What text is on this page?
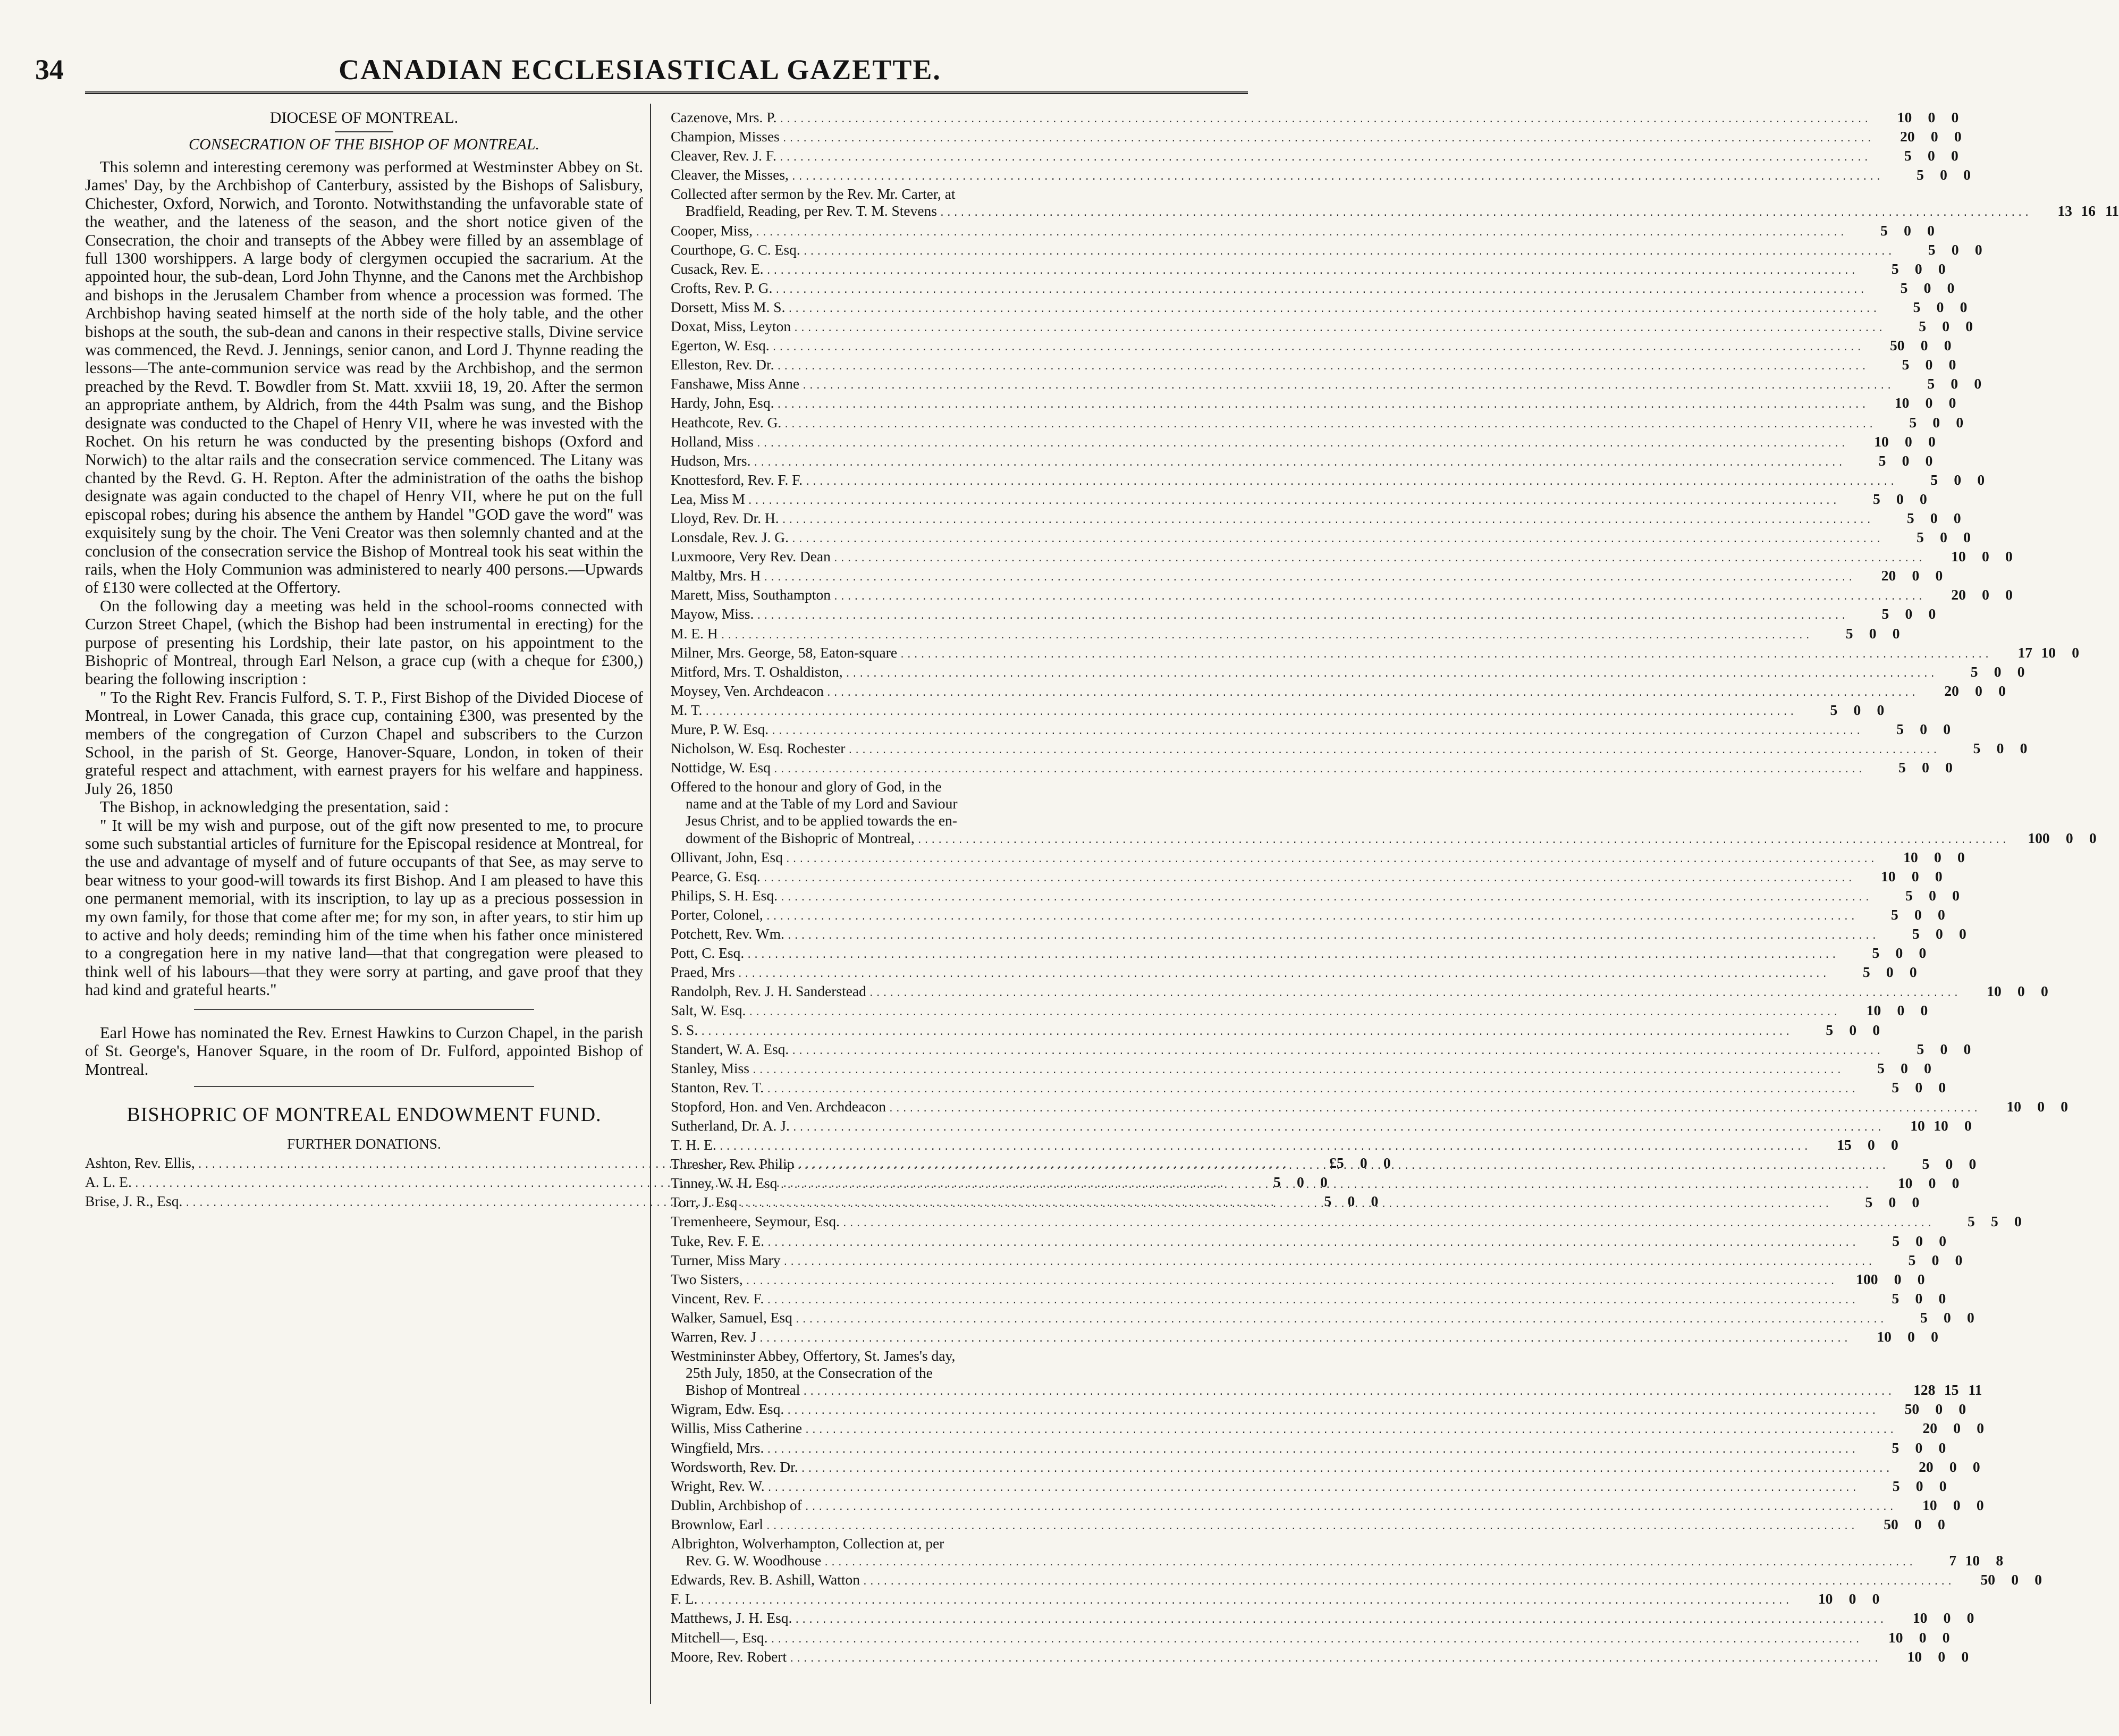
34	CANADIAN ECCLESIASTICAL GAZETTE.

DIOCESE OF MONTREAL.

CONSECRATION OF THE BISHOP OF MONTREAL.

This solemn and interesting ceremony was performed at Westminster Abbey on St. James' Day, by the Archbishop of Canterbury, assisted by the Bishops of Salisbury, Chichester, Oxford, Norwich, and Toronto. Notwithstanding the unfavorable state of the weather, and the lateness of the season, and the short notice given of the Consecration, the choir and transepts of the Abbey were filled by an assemblage of full 1300 worshippers. A large body of clergymen occupied the sacrarium. At the appointed hour, the sub-dean, Lord John Thynne, and the Canons met the Archbishop and bishops in the Jerusalem Chamber from whence a procession was formed. The Archbishop having seated himself at the north side of the holy table, and the other bishops at the south, the sub-dean and canons in their respective stalls, Divine service was commenced, the Revd. J. Jennings, senior canon, and Lord J. Thynne reading the lessons—The ante-communion service was read by the Archbishop, and the sermon preached by the Revd. T. Bowdler from St. Matt. xxviii 18, 19, 20. After the sermon an appropriate anthem, by Aldrich, from the 44th Psalm was sung, and the Bishop designate was conducted to the Chapel of Henry VII, where he was invested with the Rochet. On his return he was conducted by the presenting bishops (Oxford and Norwich) to the altar rails and the consecration service commenced. The Litany was chanted by the Revd. G. H. Repton. After the administration of the oaths the bishop designate was again conducted to the chapel of Henry VII, where he put on the full episcopal robes; during his absence the anthem by Handel "GOD gave the word" was exquisitely sung by the choir. The Veni Creator was then solemnly chanted and at the conclusion of the consecration service the Bishop of Montreal took his seat within the rails, when the Holy Communion was administered to nearly 400 persons.—Upwards of £130 were collected at the Offertory.

On the following day a meeting was held in the school-rooms connected with Curzon Street Chapel, (which the Bishop had been instrumental in erecting) for the purpose of presenting his Lordship, their late pastor, on his appointment to the Bishopric of Montreal, through Earl Nelson, a grace cup (with a cheque for £300,) bearing the following inscription :

" To the Right Rev. Francis Fulford, S. T. P., First Bishop of the Divided Diocese of Montreal, in Lower Canada, this grace cup, containing £300, was presented by the members of the congregation of Curzon Chapel and subscribers to the Curzon School, in the parish of St. George, Hanover-Square, London, in token of their grateful respect and attachment, with earnest prayers for his welfare and happiness. July 26, 1850

The Bishop, in acknowledging the presentation, said :

" It will be my wish and purpose, out of the gift now presented to me, to procure some such substantial articles of furniture for the Episcopal residence at Montreal, for the use and advantage of myself and of future occupants of that See, as may serve to bear witness to your good-will towards its first Bishop. And I am pleased to have this one permanent memorial, with its inscription, to lay up as a precious possession in my own family, for those that come after me; for my son, in after years, to stir him up to active and holy deeds; reminding him of the time when his father once ministered to a congregation here in my native land—that that congregation were pleased to think well of his labours—that they were sorry at parting, and gave proof that they had kind and grateful hearts."

Earl Howe has nominated the Rev. Ernest Hawkins to Curzon Chapel, in the parish of St. George's, Hanover Square, in the room of Dr. Fulford, appointed Bishop of Montreal.

BISHOPRIC OF MONTREAL ENDOWMENT FUND.

FURTHER DONATIONS.

Ashton, Rev. Ellis, .....	£5	0	0
A. L. E. .....	5	0	0
Brise, J. R., Esq. .....	5	0	0
Cazenove, Mrs. P. .....	10	0	0
Champion, Misses .....	20	0	0
Cleaver, Rev. J. F. .....	5	0	0
Cleaver, the Misses, .....	5	0	0
Collected after sermon by the Rev. Mr. Carter, at
Bradfield, Reading, per Rev. T. M. Stevens .....	13 16 11
Cooper, Miss, .....	5	0	0
Courthope, G. C. Esq. .....	5	0	0
Cusack, Rev. E. .....	5	0	0
Crofts, Rev. P. G. .....	5	0	0
Dorsett, Miss M. S. .....	5	0	0
Doxat, Miss, Leyton .....	5	0	0
Egerton, W. Esq. .....	50	0	0
Elleston, Rev. Dr. .....	5	0	0
Fanshawe, Miss Anne .....	5	0	0
Hardy, John, Esq. .....	10	0	0
Heathcote, Rev. G. .....	5	0	0
Holland, Miss .....	10	0	0
Hudson, Mrs. .....	5	0	0
Knottesford, Rev. F. F. .....	5	0	0
Lea, Miss M .....	5	0	0
Lloyd, Rev. Dr. H. .....	5	0	0
Lonsdale, Rev. J. G. .....	5	0	0
Luxmoore, Very Rev. Dean .....	10	0	0
Maltby, Mrs. H .....	20	0	0
Marett, Miss, Southampton .....	20	0	0
Mayow, Miss. .....	5	0	0
M. E. H .....	5	0	0
Milner, Mrs. George, 58, Eaton-square .....	17 10	0
Mitford, Mrs. T. Oshaldiston, .....	5	0	0
Moysey, Ven. Archdeacon .....	20	0	0
M. T. .....	5	0	0
Mure, P. W. Esq. .....	5	0	0
Nicholson, W. Esq. Rochester .....	5	0	0
Nottidge, W. Esq .....	5	0	0
Offered to the honour and glory of God, in the
name and at the Table of my Lord and Saviour
Jesus Christ, and to be applied towards the en-
dowment of the Bishopric of Montreal, .....	100	0	0
Ollivant, John, Esq .....	10	0	0
Pearce, G. Esq. .....	10	0	0
Philips, S. H. Esq. .....	5	0	0
Porter, Colonel, .....	5	0	0
Potchett, Rev. Wm. .....	5	0	0
Pott, C. Esq. .....	5	0	0
Praed, Mrs .....	5	0	0
Randolph, Rev. J. H. Sanderstead .....	10	0	0
Salt, W. Esq. .....	10	0	0
S. S. .....	5	0	0
Standert, W. A. Esq. .....	5	0	0
Stanley, Miss .....	5	0	0
Stanton, Rev. T. .....	5	0	0
Stopford, Hon. and Ven. Archdeacon .....	10	0	0
Sutherland, Dr. A. J. .....	10 10	0
T. H. E. .....	15	0	0
Thresher, Rev. Philip .....	5	0	0
Tinney, W. H. Esq .....	10	0	0
Torr, J. Esq .....	5	0	0
Tremenheere, Seymour, Esq. .....	5	5	0
Tuke, Rev. F. E. .....	5	0	0
Turner, Miss Mary .....	5	0	0
Two Sisters, .....	100	0	0
Vincent, Rev. F. .....	5	0	0
Walker, Samuel, Esq .....	5	0	0
Warren, Rev. J .....	10	0	0
Westmininster Abbey, Offertory, St. James's day,
25th July, 1850, at the Consecration of the
Bishop of Montreal .....	128 15 11
Wigram, Edw. Esq. .....	50	0	0
Willis, Miss Catherine .....	20	0	0
Wingfield, Mrs. .....	5	0	0
Wordsworth, Rev. Dr. .....	20	0	0
Wright, Rev. W. .....	5	0	0
Dublin, Archbishop of .....	10	0	0
Brownlow, Earl .....	50	0	0
Albrighton, Wolverhampton, Collection at, per
Rev. G. W. Woodhouse .....	7 10	8
Edwards, Rev. B. Ashill, Watton .....	50	0	0
F. L. .....	10	0	0
Matthews, J. H. Esq. .....	10	0	0
Mitchell—, Esq. .....	10	0	0
Moore, Rev. Robert .....	10	0	0
